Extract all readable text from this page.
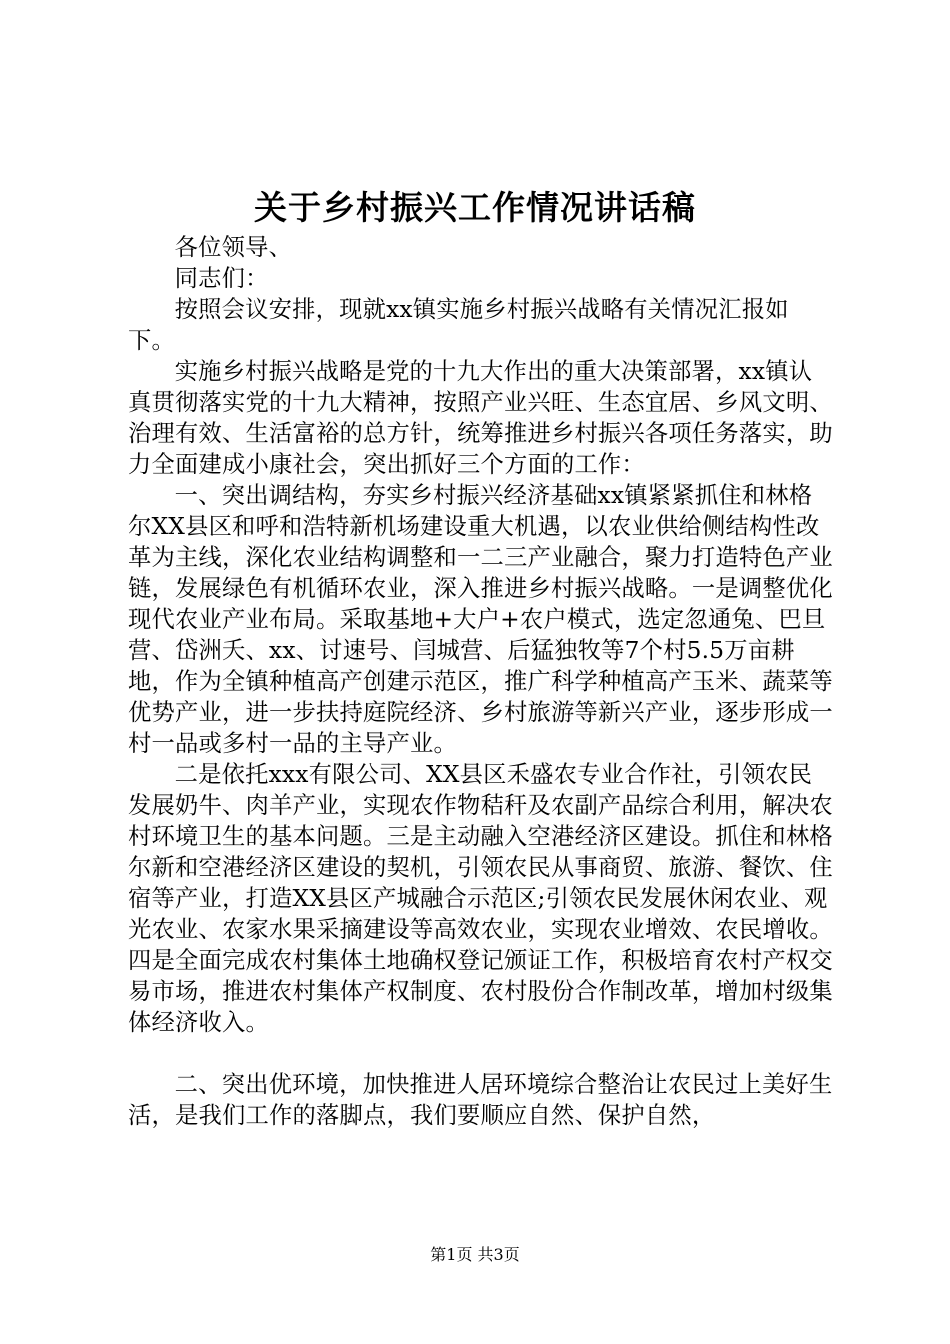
关于乡村振兴工作情况讲话稿

各位领导、

同志们：

按照会议安排，现就xx镇实施乡村振兴战略有关情况汇报如下。

实施乡村振兴战略是党的十九大作出的重大决策部署，xx镇认真贯彻落实党的十九大精神，按照产业兴旺、生态宜居、乡风文明、治理有效、生活富裕的总方针，统筹推进乡村振兴各项任务落实，助力全面建成小康社会，突出抓好三个方面的工作：

一、突出调结构，夯实乡村振兴经济基础xx镇紧紧抓住和林格尔XX县区和呼和浩特新机场建设重大机遇，以农业供给侧结构性改革为主线，深化农业结构调整和一二三产业融合，聚力打造特色产业链，发展绿色有机循环农业，深入推进乡村振兴战略。一是调整优化现代农业产业布局。采取基地+大户+农户模式，选定忽通兔、巴旦营、岱洲夭、xx、讨速号、闫城营、后猛独牧等7个村5.5万亩耕地，作为全镇种植高产创建示范区，推广科学种植高产玉米、蔬菜等优势产业，进一步扶持庭院经济、乡村旅游等新兴产业，逐步形成一村一品或多村一品的主导产业。

二是依托xxx有限公司、XX县区禾盛农专业合作社，引领农民发展奶牛、肉羊产业，实现农作物秸秆及农副产品综合利用，解决农村环境卫生的基本问题。三是主动融入空港经济区建设。抓住和林格尔新和空港经济区建设的契机，引领农民从事商贸、旅游、餐饮、住宿等产业，打造XX县区产城融合示范区;引领农民发展休闲农业、观光农业、农家水果采摘建设等高效农业，实现农业增效、农民增收。四是全面完成农村集体土地确权登记颁证工作，积极培育农村产权交易市场，推进农村集体产权制度、农村股份合作制改革，增加村级集体经济收入。

二、突出优环境，加快推进人居环境综合整治让农民过上美好生活，是我们工作的落脚点，我们要顺应自然、保护自然，

第1页 共3页
